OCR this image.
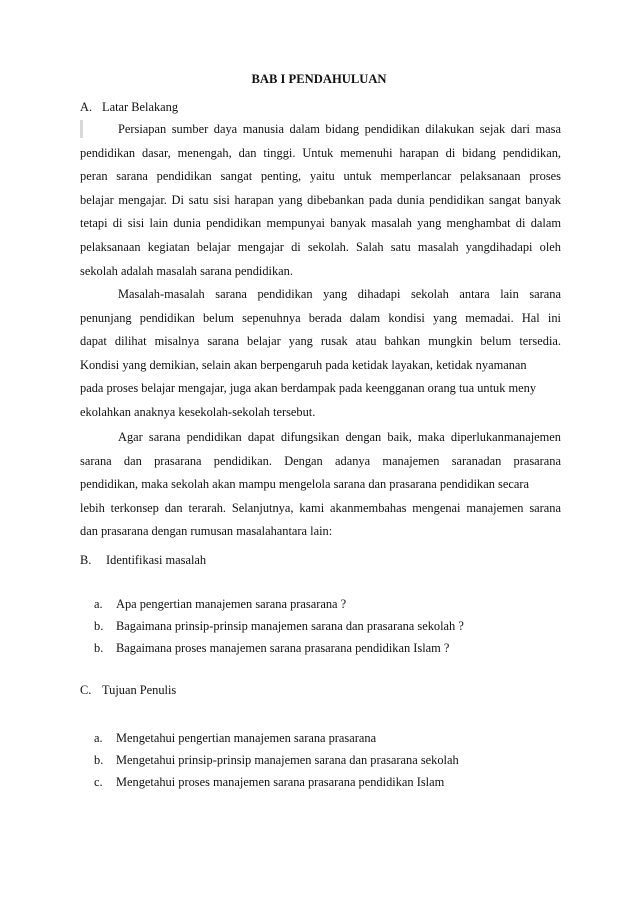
BAB I PENDAHULUAN
A. Latar Belakang
Persiapan sumber daya manusia dalam bidang pendidikan dilakukan sejak dari masa
pendidikan dasar, menengah, dan tinggi. Untuk memenuhi harapan di bidang pendidikan,
peran sarana pendidikan sangat penting, yaitu untuk memperlancar pelaksanaan proses
belajar mengajar. Di satu sisi harapan yang dibebankan pada dunia pendidikan sangat banyak
tetapi di sisi lain dunia pendidikan mempunyai banyak masalah yang menghambat di dalam
pelaksanaan kegiatan belajar mengajar di sekolah. Salah satu masalah yangdihadapi oleh
sekolah adalah masalah sarana pendidikan.
Masalah-masalah sarana pendidikan yang dihadapi sekolah antara lain sarana
penunjang pendidikan belum sepenuhnya berada dalam kondisi yang memadai. Hal ini
dapat dilihat misalnya sarana belajar yang rusak atau bahkan mungkin belum tersedia.
Kondisi yang demikian, selain akan berpengaruh pada ketidak layakan, ketidak nyamanan
pada proses belajar mengajar, juga akan berdampak pada keengganan orang tua untuk meny
ekolahkan anaknya kesekolah-sekolah tersebut.
Agar sarana pendidikan dapat difungsikan dengan baik, maka diperlukanmanajemen
sarana dan prasarana pendidikan. Dengan adanya manajemen saranadan prasarana
pendidikan, maka sekolah akan mampu mengelola sarana dan prasarana pendidikan secara
lebih terkonsep dan terarah. Selanjutnya, kami akanmembahas mengenai manajemen sarana
dan prasarana dengan rumusan masalahantara lain:
B. Identifikasi masalah
a. Apa pengertian manajemen sarana prasarana ?
b. Bagaimana prinsip-prinsip manajemen sarana dan prasarana sekolah ?
b. Bagaimana proses manajemen sarana prasarana pendidikan Islam ?
C. Tujuan Penulis
a. Mengetahui pengertian manajemen sarana prasarana
b. Mengetahui prinsip-prinsip manajemen sarana dan prasarana sekolah
c. Mengetahui proses manajemen sarana prasarana pendidikan Islam
